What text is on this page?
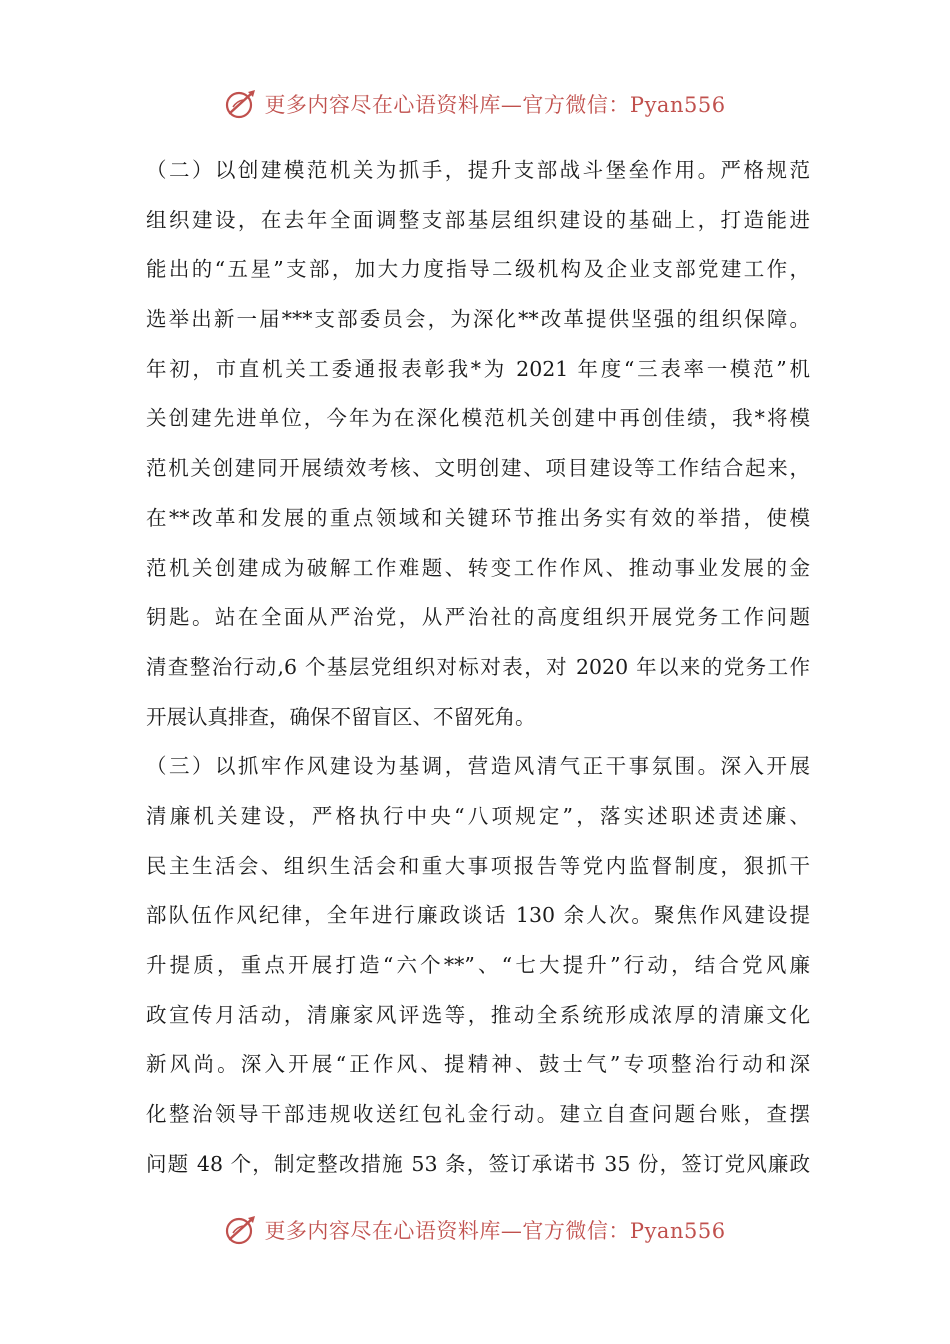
更多内容尽在心语资料库—官方微信：Pyan556
（二）以创建模范机关为抓手，提升支部战斗堡垒作用。严格规范
组织建设，在去年全面调整支部基层组织建设的基础上，打造能进
能出的“五星”支部，加大力度指导二级机构及企业支部党建工作，
选举出新一届***支部委员会，为深化**改革提供坚强的组织保障。
年初，市直机关工委通报表彰我*为 2021 年度“三表率一模范”机
关创建先进单位，今年为在深化模范机关创建中再创佳绩，我*将模
范机关创建同开展绩效考核、文明创建、项目建设等工作结合起来，
在**改革和发展的重点领域和关键环节推出务实有效的举措，使模
范机关创建成为破解工作难题、转变工作作风、推动事业发展的金
钥匙。站在全面从严治党，从严治社的高度组织开展党务工作问题
清查整治行动,6 个基层党组织对标对表，对 2020 年以来的党务工作
开展认真排查，确保不留盲区、不留死角。
（三）以抓牢作风建设为基调，营造风清气正干事氛围。深入开展
清廉机关建设，严格执行中央“八项规定”，落实述职述责述廉、
民主生活会、组织生活会和重大事项报告等党内监督制度，狠抓干
部队伍作风纪律，全年进行廉政谈话 130 余人次。聚焦作风建设提
升提质，重点开展打造“六个**”、“七大提升”行动，结合党风廉
政宣传月活动，清廉家风评选等，推动全系统形成浓厚的清廉文化
新风尚。深入开展“正作风、提精神、鼓士气”专项整治行动和深
化整治领导干部违规收送红包礼金行动。建立自查问题台账，查摆
问题 48 个，制定整改措施 53 条，签订承诺书 35 份，签订党风廉政
更多内容尽在心语资料库—官方微信：Pyan556
